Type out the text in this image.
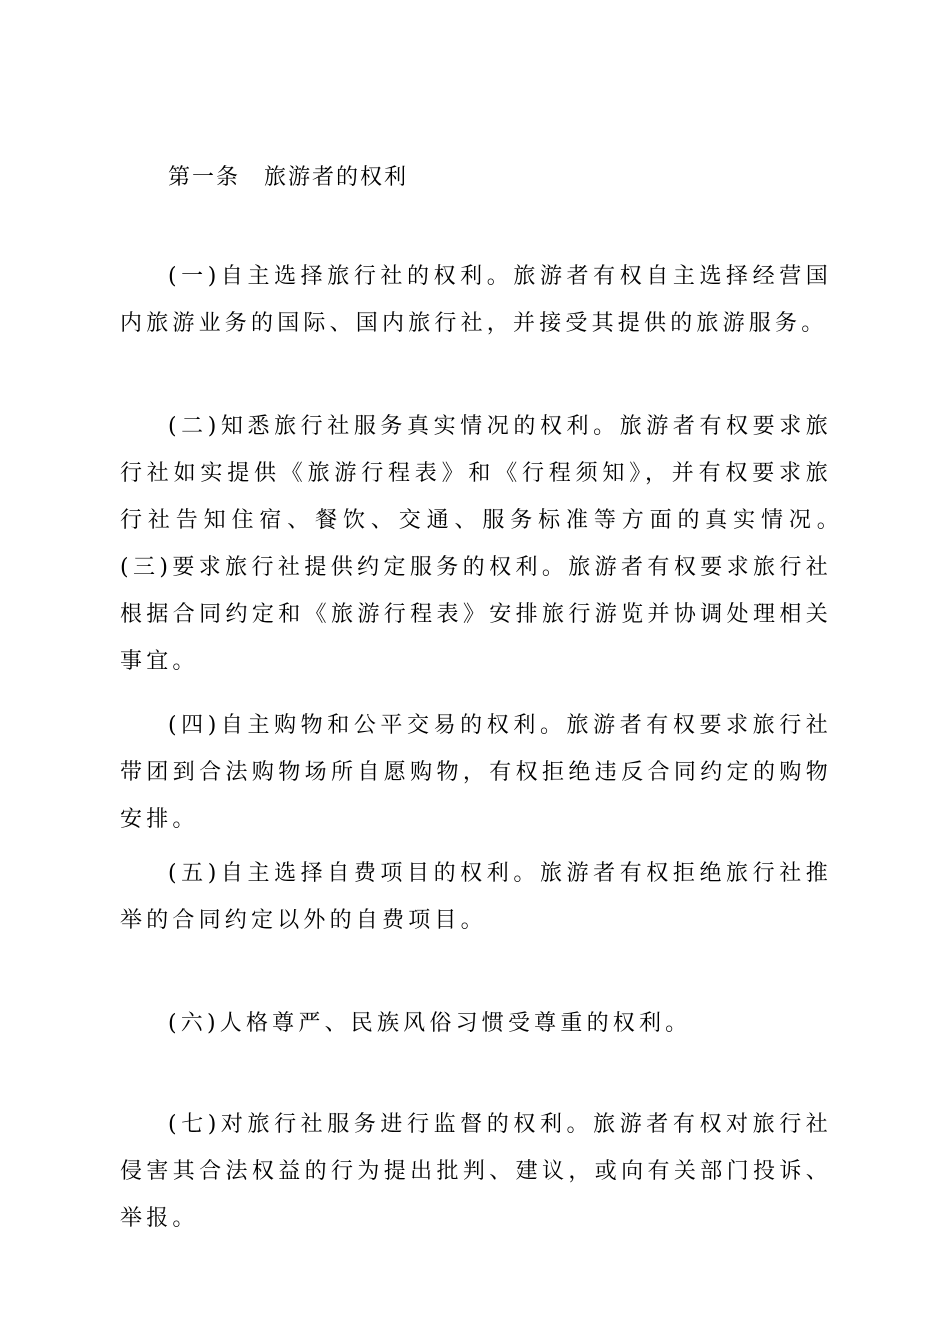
第一条　旅游者的权利

(一)自主选择旅行社的权利。旅游者有权自主选择经营国内旅游业务的国际、国内旅行社，并接受其提供的旅游服务。

(二)知悉旅行社服务真实情况的权利。旅游者有权要求旅行社如实提供《旅游行程表》和《行程须知》，并有权要求旅行社告知住宿、餐饮、交通、服务标准等方面的真实情况。　(三)要求旅行社提供约定服务的权利。旅游者有权要求旅行社根据合同约定和《旅游行程表》安排旅行游览并协调处理相关事宜。

(四)自主购物和公平交易的权利。旅游者有权要求旅行社带团到合法购物场所自愿购物，有权拒绝违反合同约定的购物安排。

(五)自主选择自费项目的权利。旅游者有权拒绝旅行社推举的合同约定以外的自费项目。

(六)人格尊严、民族风俗习惯受尊重的权利。

(七)对旅行社服务进行监督的权利。旅游者有权对旅行社侵害其合法权益的行为提出批判、建议，或向有关部门投诉、举报。
